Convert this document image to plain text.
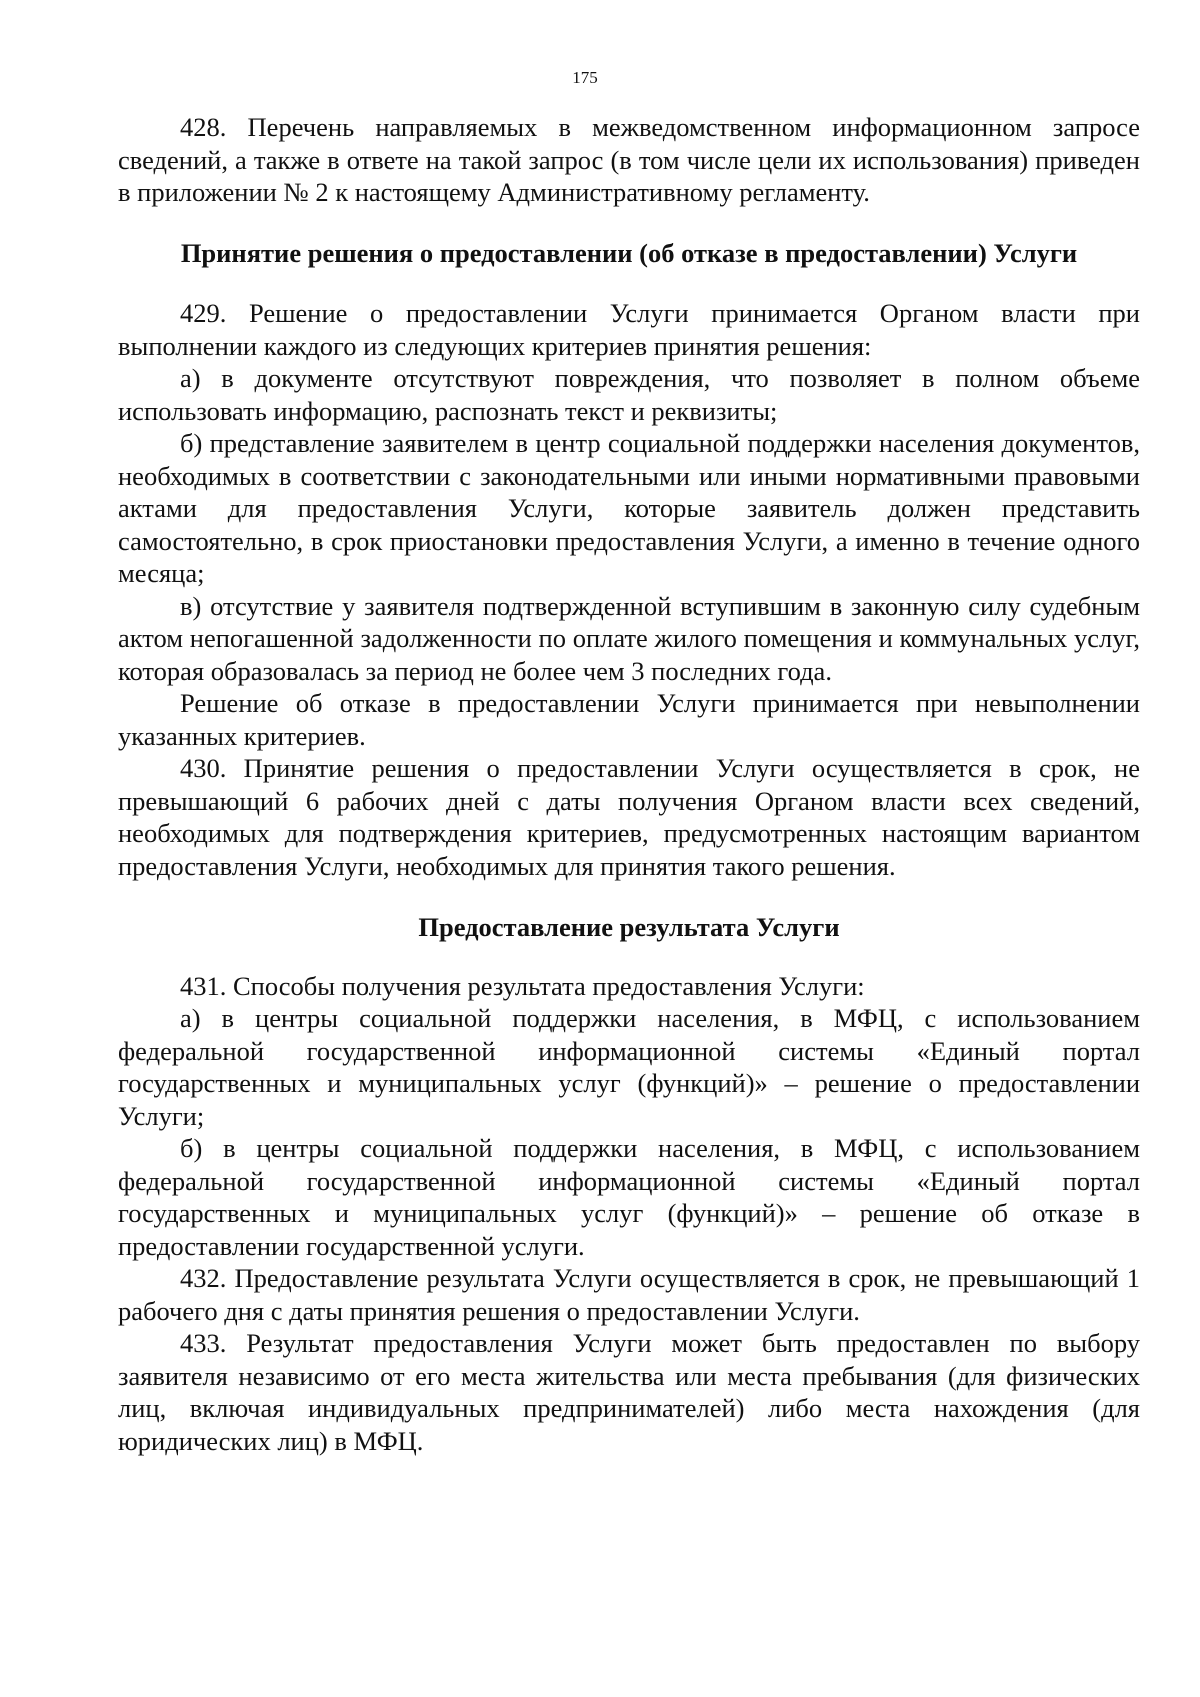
175

428. Перечень направляемых в межведомственном информационном запросе сведений, а также в ответе на такой запрос (в том числе цели их использования) приведен в приложении № 2 к настоящему Административному регламенту.

Принятие решения о предоставлении (об отказе в предоставлении) Услуги

429. Решение о предоставлении Услуги принимается Органом власти при выполнении каждого из следующих критериев принятия решения:

а) в документе отсутствуют повреждения, что позволяет в полном объеме использовать информацию, распознать текст и реквизиты;

б) представление заявителем в центр социальной поддержки населения документов, необходимых в соответствии с законодательными или иными нормативными правовыми актами для предоставления Услуги, которые заявитель должен представить самостоятельно, в срок приостановки предоставления Услуги, а именно в течение одного месяца;

в) отсутствие у заявителя подтвержденной вступившим в законную силу судебным актом непогашенной задолженности по оплате жилого помещения и коммунальных услуг, которая образовалась за период не более чем 3 последних года.

Решение об отказе в предоставлении Услуги принимается при невыполнении указанных критериев.

430. Принятие решения о предоставлении Услуги осуществляется в срок, не превышающий 6 рабочих дней с даты получения Органом власти всех сведений, необходимых для подтверждения критериев, предусмотренных настоящим вариантом предоставления Услуги, необходимых для принятия такого решения.

Предоставление результата Услуги

431. Способы получения результата предоставления Услуги:

а) в центры социальной поддержки населения, в МФЦ, с использованием федеральной государственной информационной системы «Единый портал государственных и муниципальных услуг (функций)» – решение о предоставлении Услуги;

б) в центры социальной поддержки населения, в МФЦ, с использованием федеральной государственной информационной системы «Единый портал государственных и муниципальных услуг (функций)» – решение об отказе в предоставлении государственной услуги.

432. Предоставление результата Услуги осуществляется в срок, не превышающий 1 рабочего дня с даты принятия решения о предоставлении Услуги.

433. Результат предоставления Услуги может быть предоставлен по выбору заявителя независимо от его места жительства или места пребывания (для физических лиц, включая индивидуальных предпринимателей) либо места нахождения (для юридических лиц) в МФЦ.
